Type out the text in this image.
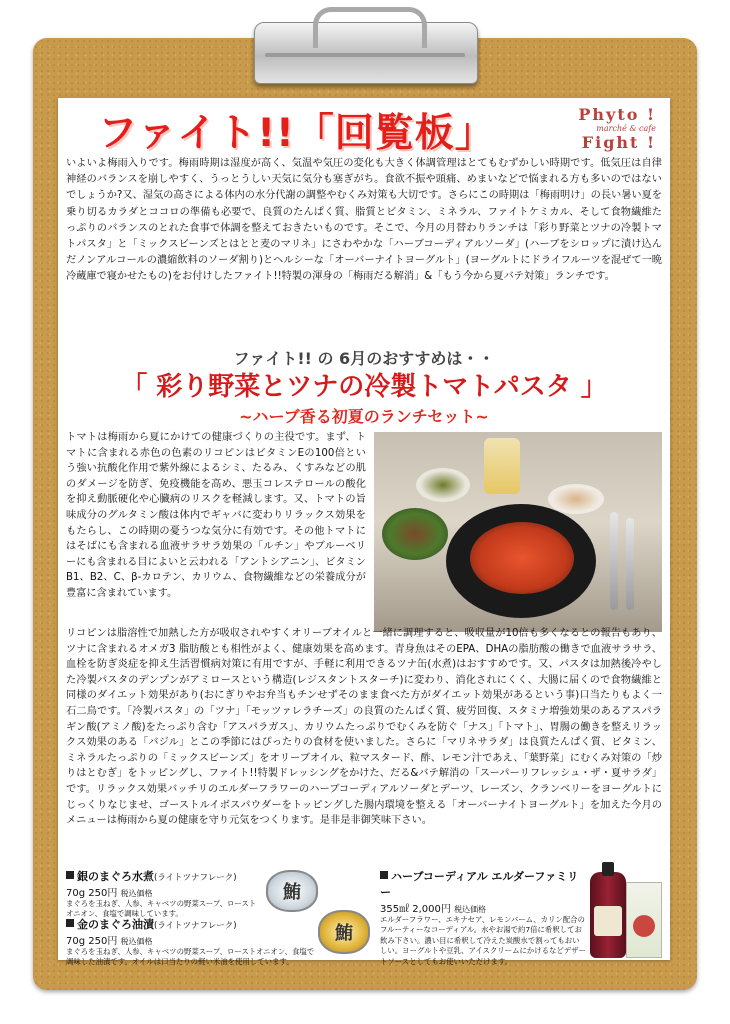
ファイト!!「回覧板」	Phyto !
marché & cafe
Fight !
いよいよ梅雨入りです。梅雨時期は湿度が高く、気温や気圧の変化も大きく体調管理はとてもむずかしい時期です。低気圧は自律神経のバランスを崩しやすく、うっとうしい天気に気分も塞ぎがち。食欲不振や頭痛、めまいなどで悩まれる方も多いのではないでしょうか?又、湿気の高さによる体内の水分代謝の調整やむくみ対策も大切です。さらにこの時期は「梅雨明け」の長い暑い夏を乗り切るカラダとココロの準備も必要で、良質のたんぱく質、脂質とビタミン、ミネラル、ファイトケミカル、そして食物繊維たっぷりのバランスのとれた食事で体調を整えておきたいものです。そこで、今月の月替わりランチは「彩り野菜とツナの冷製トマトパスタ」と「ミックスビーンズとはとと麦のマリネ」にさわやかな「ハーブコーディアルソーダ」(ハーブをシロップに漬け込んだノンアルコールの濃縮飲料のソーダ割り)とヘルシーな「オーバーナイトヨーグルト」(ヨーグルトにドライフルーツを混ぜて一晩冷蔵庫で寝かせたもの)をお付けしたファイト!!特製の渾身の「梅雨だる解消」&「もう今から夏バテ対策」ランチです。
ファイト!! の 6月のおすすめは・・
「 彩り野菜とツナの冷製トマトパスタ 」
~ハーブ香る初夏のランチセット~
トマトは梅雨から夏にかけての健康づくりの主役です。まず、トマトに含まれる赤色の色素のリコピンはビタミンEの100倍という強い抗酸化作用で紫外線によるシミ、たるみ、くすみなどの肌のダメージを防ぎ、免疫機能を高め、悪玉コレステロールの酸化を抑え動脈硬化や心臓病のリスクを軽減します。又、トマトの旨味成分のグルタミン酸は体内でギャバに変わりリラックス効果をもたらし、この時期の憂うつな気分に有効です。その他トマトにはそばにも含まれる血液サラサラ効果の「ルチン」やブルーベリーにも含まれる目によいと云われる「アントシアニン」、ビタミンB1、B2、C、β-カロテン、カリウム、食物繊維などの栄養成分が豊富に含まれています。
リコピンは脂溶性で加熱した方が吸収されやすくオリーブオイルと一緒に調理すると、吸収量が10倍も多くなるとの報告もあり、ツナに含まれるオメガ3 脂肪酸とも相性がよく、健康効果を高めます。青身魚はそのEPA、DHAの脂肪酸の働きで血液サラサラ、血栓を防ぎ炎症を抑え生活習慣病対策に有用ですが、手軽に利用できるツナ缶(水煮)はおすすめです。又、パスタは加熱後冷やした冷製パスタのデンプンがアミロースという構造(レジスタントスターチ)に変わり、消化されにくく、大腸に届くので食物繊維と同様のダイエット効果があり(おにぎりやお弁当もチンせずそのまま食べた方がダイエット効果があるという事)口当たりもよく一石二鳥です。「冷製パスタ」の「ツナ」「モッツァレラチーズ」の良質のたんぱく質、疲労回復、スタミナ増強効果のあるアスパラギン酸(アミノ酸)をたっぷり含む「アスパラガス」、カリウムたっぷりでむくみを防ぐ「ナス」「トマト」、胃腸の働きを整えリラックス効果のある「バジル」とこの季節にはぴったりの食材を使いました。さらに「マリネサラダ」は良質たんぱく質、ビタミン、ミネラルたっぷりの「ミックスビーンズ」をオリーブオイル、粒マスタード、酢、レモン汁であえ、「葉野菜」にむくみ対策の「炒りはとむぎ」をトッピングし、ファイト!!特製ドレッシングをかけた、だる&バテ解消の「スーパーリフレッシュ・ザ・夏サラダ」です。リラックス効果バッチリのエルダーフラワーのハーブコーディアルソーダとデーツ、レーズン、クランベリーをヨーグルトにじっくりなじませ、ゴーストルイボスパウダーをトッピングした腸内環境を整える「オーバーナイトヨーグルト」を加えた今月のメニューは梅雨から夏の健康を守り元気をつくります。是非是非御笑味下さい。
銀のまぐろ水煮(ライトツナフレーク)
70g 250円 税込価格
まぐろを玉ねぎ、人参、キャベツの野菜スープ、ローストオニオン、食塩で調味しています。
鮪
金のまぐろ油漬(ライトツナフレーク)
70g 250円 税込価格
まぐろを玉ねぎ、人参、キャベツの野菜スープ、ローストオニオン、食塩で調味した油漬です。オイルは口当たりの軽い米油を使用しています。
鮪
ハーブコーディアル エルダーファミリー
355㎖ 2,000円 税込価格
エルダーフラワー、エキナセア、レモンバーム、カリン配合のフルーティーなコーディアル。水やお湯で約7倍に希釈してお飲み下さい。濃い目に希釈して冷えた炭酸水で割ってもおいしい。ヨーグルトや豆乳、アイスクリームにかけるなどデザートソースとしてもお使いいただけます。
